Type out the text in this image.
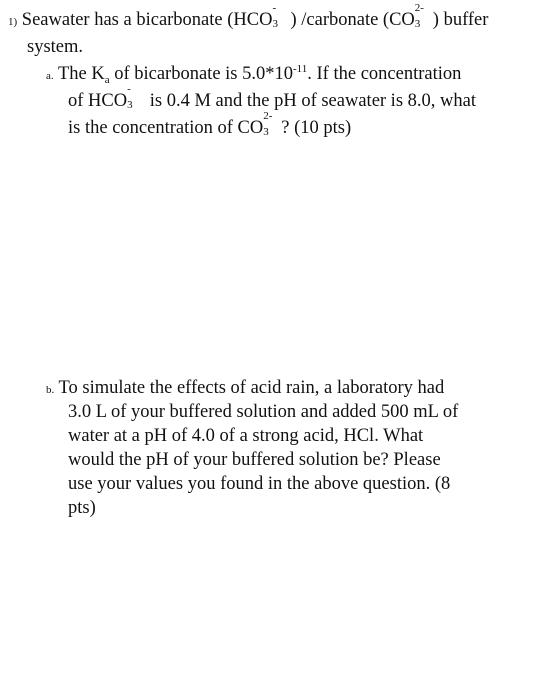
1) Seawater has a bicarbonate (HCO
-
3 ) /carbonate (CO
2-
3 ) buffer
system.
a. The $K_a$ of bicarbonate is $5.0*10^{-11}$. If the concentration
of HCO
-
3 is 0.4 M and the pH of seawater is 8.0, what
is the concentration of CO
2-
3 ? (10 pts)
b. To simulate the effects of acid rain, a laboratory had
3.0 L of your buffered solution and added 500 mL of
water at a pH of 4.0 of a strong acid, HCl. What
would the pH of your buffered solution be? Please
use your values you found in the above question. (8
pts)
